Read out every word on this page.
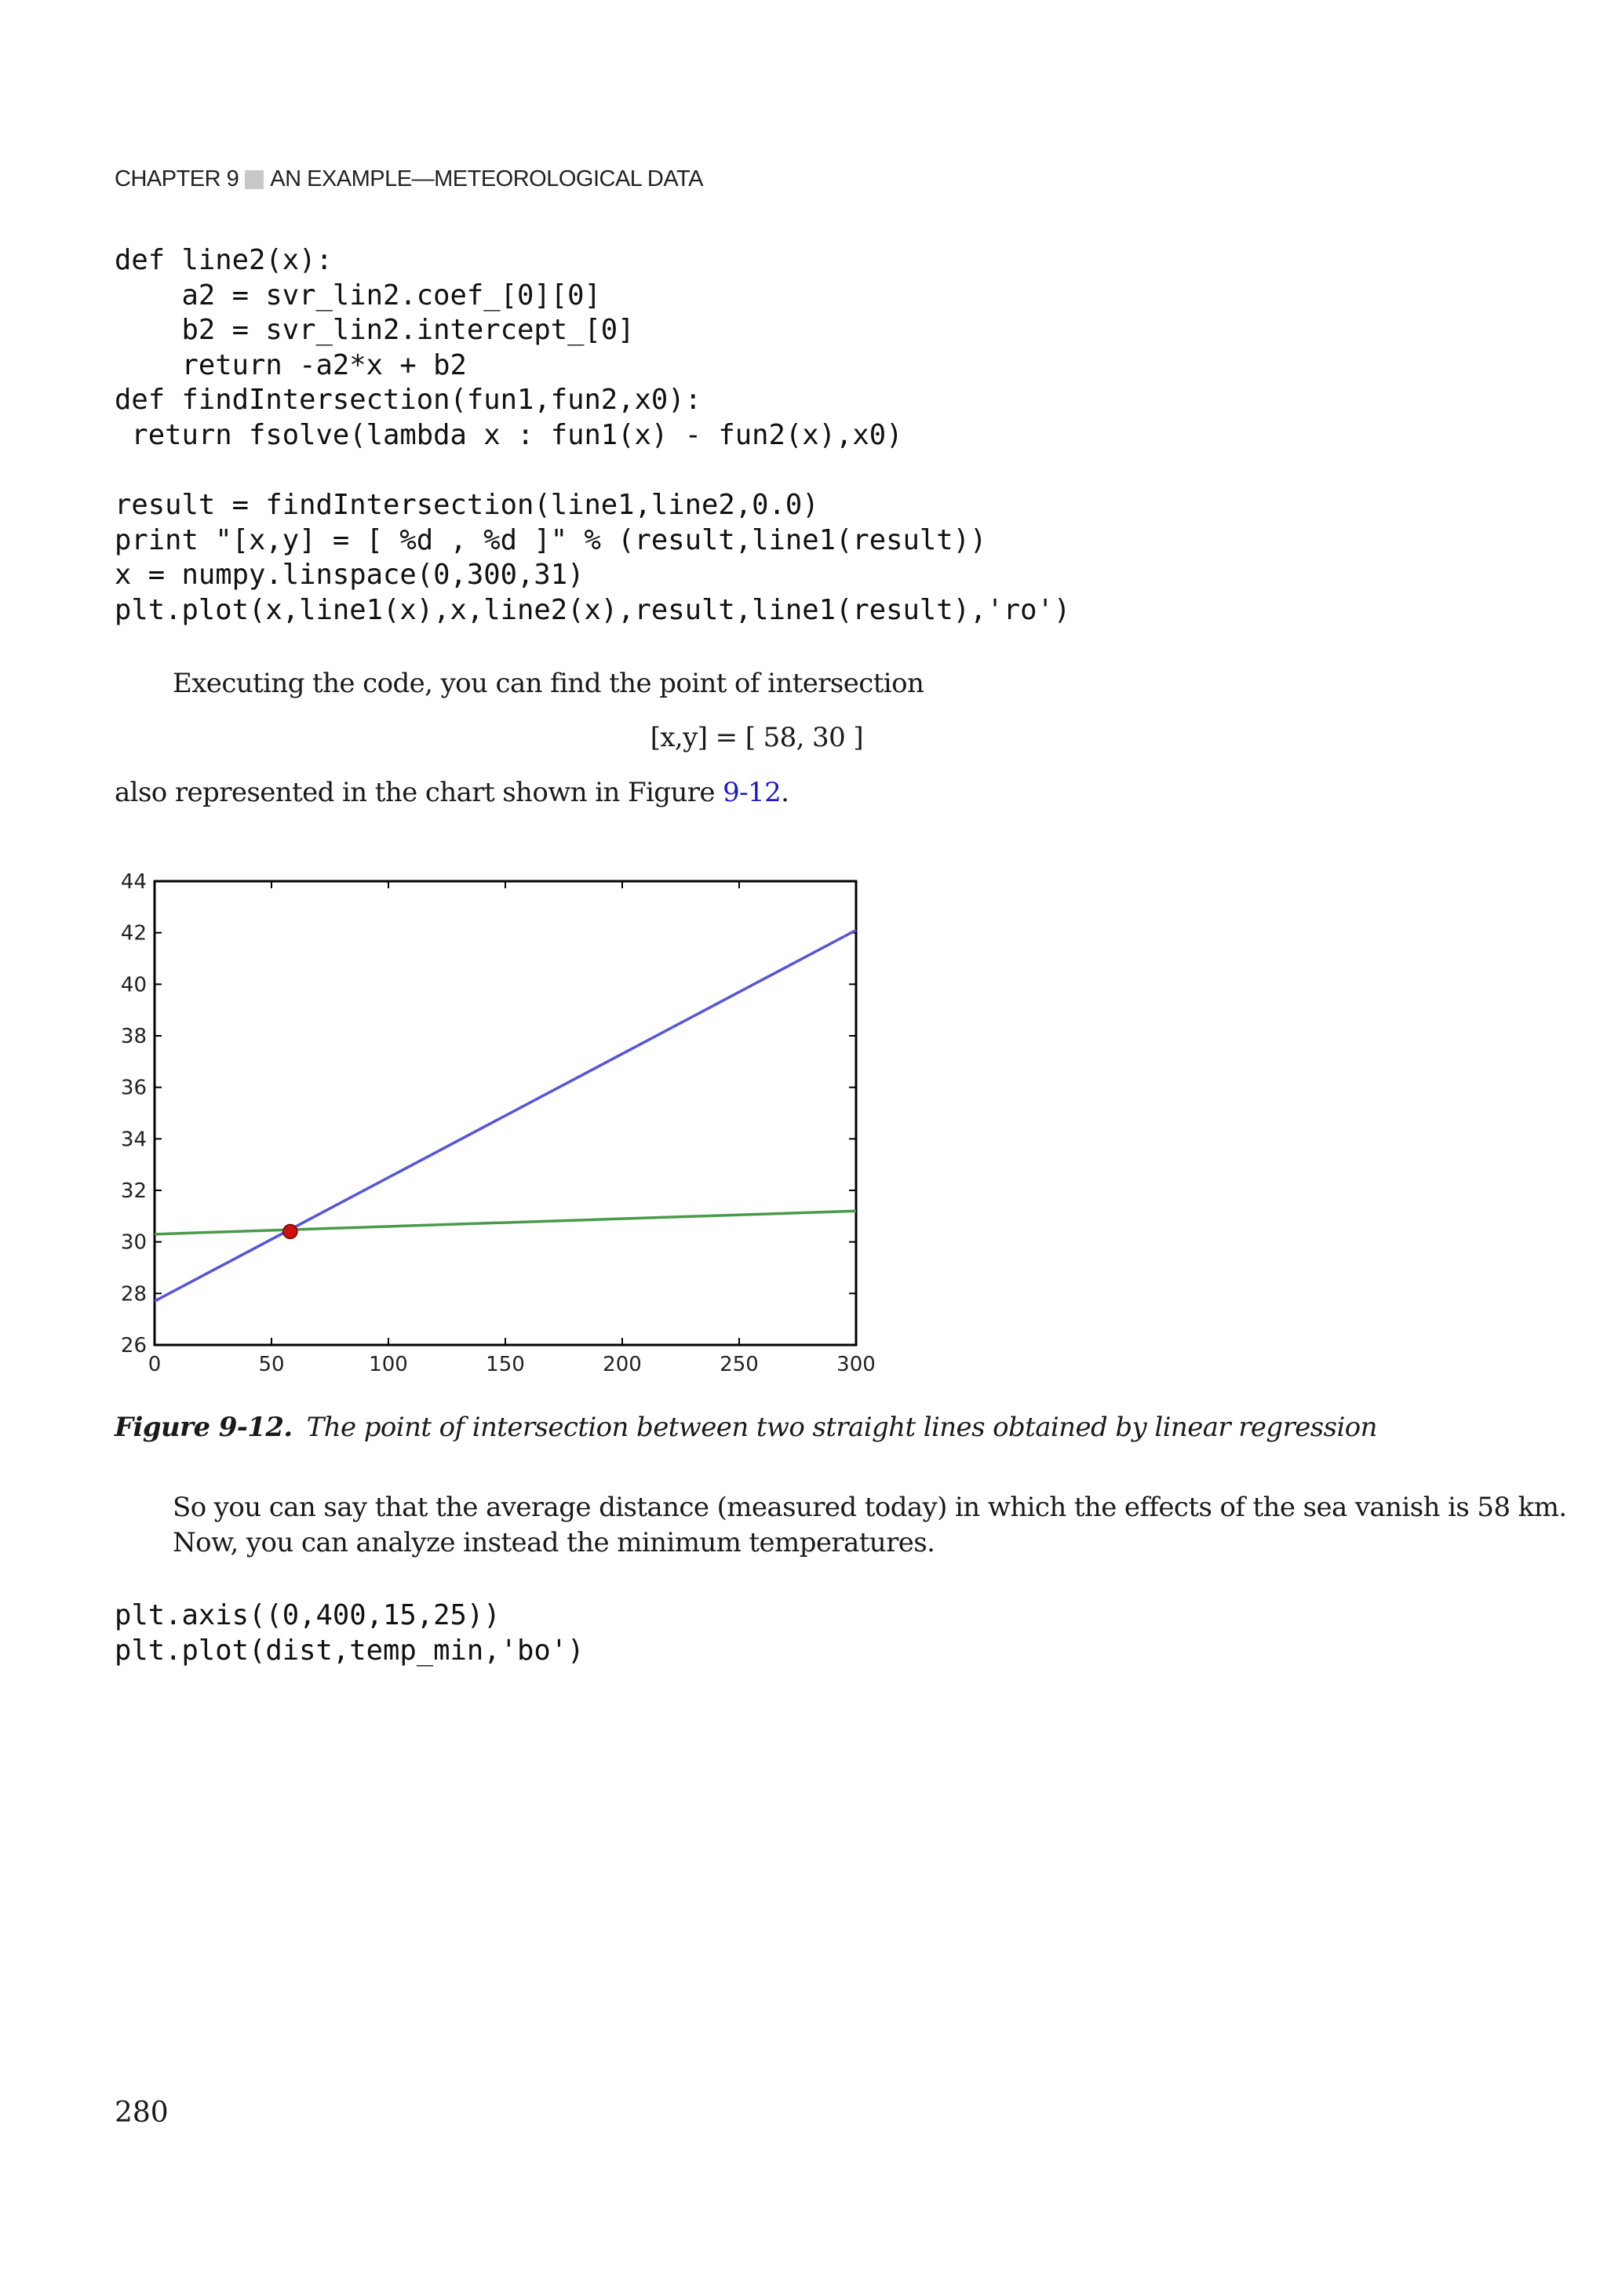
CHAPTER 9 AN EXAMPLE—METEOROLOGICAL DATA
def line2(x):
a2 = svr_lin2.coef_[0][0]
b2 = svr_lin2.intercept_[0]
return -a2*x + b2
def findIntersection(fun1,fun2,x0):
return fsolve(lambda x : fun1(x) - fun2(x),x0)

result = findIntersection(line1,line2,0.0)
print "[x,y] = [ %d , %d ]" % (result,line1(result))
x = numpy.linspace(0,300,31)
plt.plot(x,line1(x),x,line2(x),result,line1(result),'ro')
Executing the code, you can find the point of intersection
[x,y] = [ 58, 30 ]
also represented in the chart shown in Figure 9-12.
0	50	100	150	200	250	300
26
28
30
32
34
36
38
40
42
44
Figure 9-12. The point of intersection between two straight lines obtained by linear regression
So you can say that the average distance (measured today) in which the effects of the sea vanish is 58 km.
Now, you can analyze instead the minimum temperatures.
plt.axis((0,400,15,25))
plt.plot(dist,temp_min,'bo')
280
